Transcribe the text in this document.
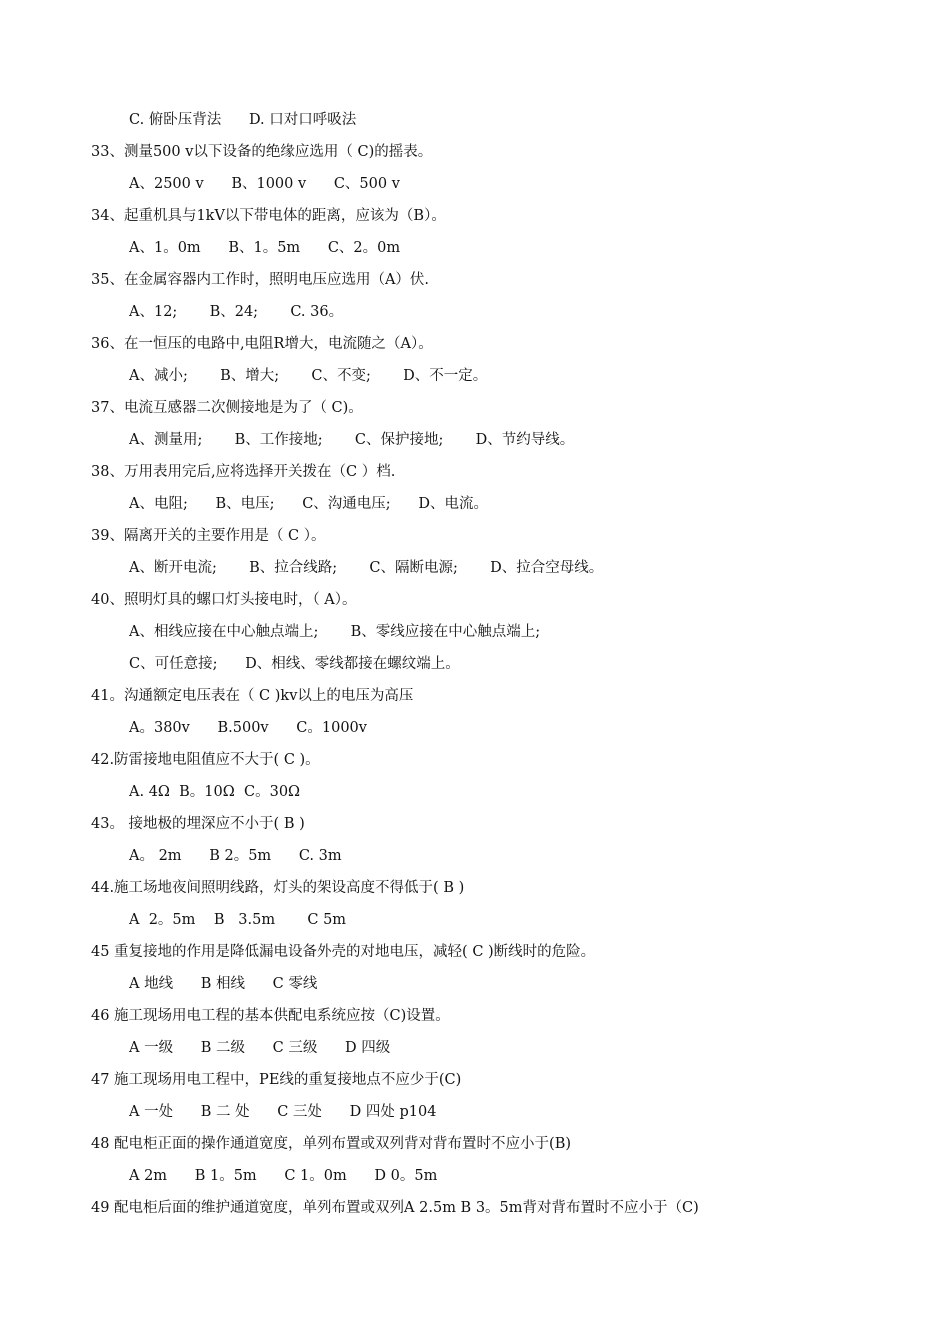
C. 俯卧压背法      D. 口对口呼吸法
33、测量500 v以下设备的绝缘应选用（ C)的摇表。
A、2500 v      B、1000 v      C、500 v
34、起重机具与1kV以下带电体的距离，应该为（B）。
A、1。0m      B、1。5m      C、2。0m
35、在金属容器内工作时，照明电压应选用（A）伏.
A、12;       B、24;       C. 36。
36、在一恒压的电路中,电阻R增大，电流随之（A）。
A、减小;       B、增大;       C、不变;       D、不一定。
37、电流互感器二次侧接地是为了（ C)。
A、测量用;       B、工作接地;       C、保护接地;       D、节约导线。
38、万用表用完后,应将选择开关拨在（C ）档.
A、电阻;      B、电压;      C、沟通电压;      D、电流。
39、隔离开关的主要作用是（ C ）。
A、断开电流;       B、拉合线路;       C、隔断电源;       D、拉合空母线。
40、照明灯具的螺口灯头接电时，（ A）。
A、相线应接在中心触点端上;       B、零线应接在中心触点端上;
C、可任意接;      D、相线、零线都接在螺纹端上。
41。沟通额定电压表在（ C )kv以上的电压为高压
A。380v      B.500v      C。1000v
42.防雷接地电阻值应不大于( C )。
A. 4Ω  B。10Ω  C。30Ω
43。 接地极的埋深应不小于( B )
A。 2m      B 2。5m      C. 3m
44.施工场地夜间照明线路，灯头的架设高度不得低于( B )
A  2。5m    B   3.5m       C 5m
45 重复接地的作用是降低漏电设备外壳的对地电压，减轻( C )断线时的危险。
A 地线      B 相线      C 零线
46 施工现场用电工程的基本供配电系统应按（C)设置。
A 一级      B 二级      C 三级      D 四级
47 施工现场用电工程中，PE线的重复接地点不应少于(C)
A 一处      B 二 处      C 三处      D 四处 p104
48 配电柜正面的操作通道宽度，单列布置或双列背对背布置时不应小于(B)
A 2m      B 1。5m      C 1。0m      D 0。5m
49 配电柜后面的维护通道宽度，单列布置或双列A 2.5m B 3。5m背对背布置时不应小于（C)
